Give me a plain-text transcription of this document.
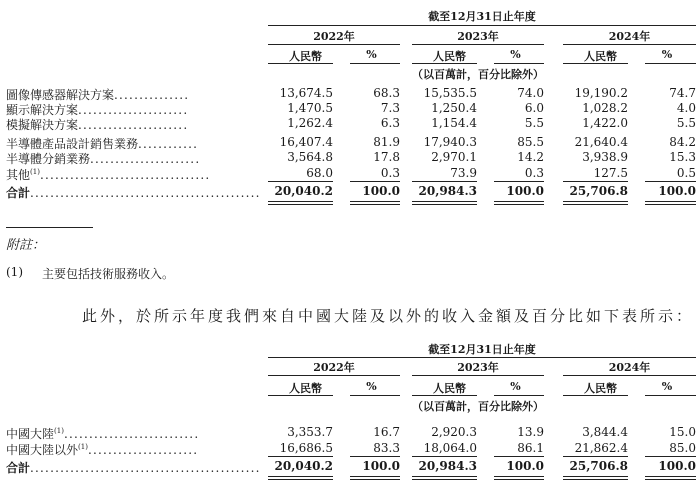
截至12月31日止年度
2022年	2023年	2024年
人民幣	%	人民幣	%	人民幣	%
（以百萬計，百分比除外）
圖像傳感器解決方案...............	13,674.5	68.3	15,535.5	74.0	19,190.2	74.7
顯示解決方案......................	1,470.5	7.3	1,250.4	6.0	1,028.2	4.0
模擬解決方案......................	1,262.4	6.3	1,154.4	5.5	1,422.0	5.5
半導體產品設計銷售業務............	16,407.4	81.9	17,940.3	85.5	21,640.4	84.2
半導體分銷業務......................	3,564.8	17.8	2,970.1	14.2	3,938.9	15.3
其他$^{(1)}$..................................	68.0	0.3	73.9	0.3	127.5	0.5
合計..............................................	20,040.2	100.0	20,984.3	100.0	25,706.8	100.0
附註：
(1) 主要包括技術服務收入。
此外，於所示年度我們來自中國大陸及以外的收入金額及百分比如下表所示：
截至12月31日止年度
2022年	2023年	2024年
人民幣	%	人民幣	%	人民幣	%
（以百萬計，百分比除外）
中國大陸$^{(1)}$...........................	3,353.7	16.7	2,920.3	13.9	3,844.4	15.0
中國大陸以外$^{(1)}$......................	16,686.5	83.3	18,064.0	86.1	21,862.4	85.0
合計..............................................	20,040.2	100.0	20,984.3	100.0	25,706.8	100.0
